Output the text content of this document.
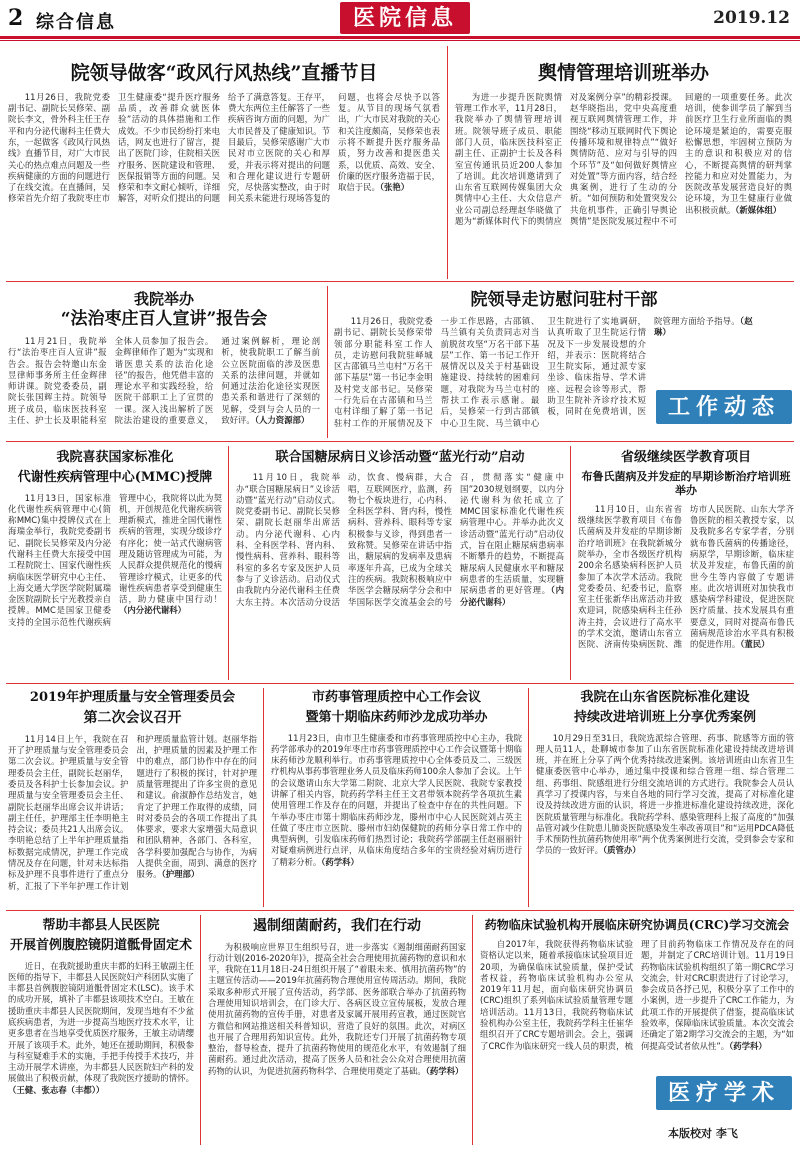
2 综合信息	医院信息	2019.12
院领导做客“政风行风热线”直播节目

11月26日，我院党委副书记、副院长吴修荣、副院长李文，骨外科主任王存平和内分泌代谢科主任费大东，一起做客《政风行风热线》直播节目，对广大市民关心的热点难点问题及一些疾病健康的方面的问题进行了在线交流。在直播间，吴修荣首先介绍了我院枣庄市卫生健康委“提升医疗服务品质，改善群众就医体验”活动的具体措施和工作成效。不少市民纷纷打来电话，网友也进行了留言，提出了医院门诊，住院相关医疗服务、医院建设和管理、医保报销等方面的问题。吴修荣和李文耐心倾听，详细解答，对听众们提出的问题给予了满意答复。王存平，费大东两位主任解答了一些疾病咨询方面的问题，为广大市民普及了健康知识。节目最后，吴修荣感谢广大市民对市立医院的关心和厚爱，并表示将对提出的问题和合理化建议进行专题研究，尽快落实整改，由于时间关系未能进行现场答复的问题，也将会尽快予以答复。从节目的现场气氛看出，广大市民对我院的关心和关注度颇高，吴修荣也表示将不断提升医疗服务品质，努力改善和提医患关系，以优质、高效、安全、价廉的医疗服务造福于民，取信于民。（张艳）

舆情管理培训班举办

为进一步提升医院舆情管理工作水平，11月28日，我院举办了舆情管理培训班。院领导班子成员、职能部门人员，临床医技科室正副主任、正副护士长及各科室宣传通讯员近200人参加了培训。此次培训邀请到了山东省互联网传媒集团大众舆情中心主任、大众信息产业公司副总经理赵华晓做了题为“新媒体时代下的舆情应对及案例分享”的精彩授课。赵华晓指出，党中央高度重视互联网舆情管理工作，并围绕“移动互联网时代下舆论传播环境和规律特点”“做好舆情防范、应对与引导的四个环节”及“如何做好舆情应对处置”等方面内容，结合经典案例，进行了生动的分析。“如何预防和处置突发公共危机事件，正确引导舆论舆情”是医院发展过程中不可回避的一项重要任务。此次培训，使参训学员了解到当前医疗卫生行业所面临的舆论环境是紧迫的，需要克服松懈思想，牢固树立预防为主的意识和积极应对的信心，不断提高舆情的研判掌控能力和应对处置能力，为医院改革发展营造良好的舆论环境，为卫生健康行业做出积极贡献。（新媒体组）

我院举办
“法治枣庄百人宣讲”报告会

11月21日，我院举行“法治枣庄百人宣讲”报告会。报告会特邀山东金昱律师事务所主任金辉律师讲课。院党委委员，副院长张国辉主持。院领导班子成员，临床医技科室主任、护士长及职能科室全体人员参加了报告会。金辉律师作了题为“实现和谐医患关系的法治化途径”的报告，他凭借丰富的理论水平和实践经验，给医院干部职工上了宣贯的一课。深入浅出解析了医院法治建设的重要意义，通过案例解析，理论剖析，使我院职工了解当前公立医院面临的涉及医患关系的法律问题，并就如何通过法治化途径实现医患关系和谐进行了深刻的见解，受到与会人员的一致好评。（人力资源部）

院领导走访慰问驻村干部

11月26日，我院党委副书记、副院长吴修荣带领部分职能科室工作人员，走访慰问我院驻峄城区古邵镇马兰屯村“万名干部下基层”第一书记李金明及村党支部书记。吴修荣一行先后在古邵镇和马兰屯村详细了解了第一书记驻村工作的开展情况及下一步工作思路，古邵镇、马兰镇有关负责同志对当前脱贫攻坚“万名干部下基层”工作、第一书记工作开展情况以及关于村基础设施建设、持续转的困难问题，对我院为马兰屯村的帮扶工作表示感谢。最后，吴修荣一行到古邵镇中心卫生院、马兰镇中心卫生院进行了实地调研，认真听取了卫生院运行情况及下一步发展设想的介绍，并表示：医院将结合卫生院实际，通过派专家坐诊、临床指导、学术讲座、远程会诊等形式，帮助卫生院补齐诊疗技术短板，同时在免费培训，医院管理方面给予指导。（赵琳）

工作动态
我院喜获国家标准化
代谢性疾病管理中心(MMC)授牌

11月13日，国家标准化代谢性疾病管理中心(简称MMC)集中授牌仪式在上海瑞金举行，我院党委副书记、副院长吴修荣及内分泌代谢科主任费大东接受中国工程院院士、国家代谢性疾病临床医学研究中心主任、上海交通大学医学院附属瑞金医院副院长宁光教授亲自授牌。MMC是国家卫健委支持的全国示范性代谢疾病管理中心，我院将以此为契机，开创规范化代谢疾病管理新模式，推进全国代谢性疾病的管理，实现分级诊疗有序化；使一站式代谢病管理及随访管理成为可能，为人民群众提供规范化的慢病管理诊疗模式，让更多的代谢性疾病患者享受到健康生活，助力健康中国行动！（内分泌代谢科）

联合国糖尿病日义诊活动暨“蓝光行动”启动

11月10日，我院举办“联合国糖尿病日”义诊活动暨“蓝光行动”启动仪式。院党委副书记、副院长吴修荣、副院长赵丽华出席活动。内分泌代谢科、心内科、全科医学科、肾内科、慢性病科、营养科、眼科等科室的多名专家及医护人员参与了义诊活动。启动仪式由我院内分泌代谢科主任费大东主持。本次活动分设活动，饮食、慢病群，大合唱，互联网医疗，监测，药物七个板块进行，心内科、全科医学科、肾内科，慢性病科、营养科、眼科等专家积极参与义诊，得到患者一致称赞。吴修荣在讲话中指出，糖尿病的发病率及患病率逐年升高，已成为全球关注的疾病。我院积极响应中华医学会糖尿病学分会和中华国际医学交流基金会的号召，贯彻落实“健康中国”2030规划纲要，以内分泌代谢科为依托成立了MMC国家标准化代谢性疾病管理中心。并举办此次义诊活动暨“蓝光行动”启动仪式，旨在阻止糖尿病患病率不断攀升的趋势，不断提高糖尿病人民健康水平和糖尿病患者的生活质量，实现糖尿病患者的更好管理。（内分泌代谢科）

省级继续医学教育项目
布鲁氏菌病及并发症的早期诊断治疗培训班举办

11月10日，山东省省级继续医学教育项目《布鲁氏菌病及并发症的早期诊断治疗培训班》在我院新城分院举办，全市各级医疗机构200余名感染病科医护人员参加了本次学术活动。我院党委委员、纪委书记，监察室主任张新华出席活动并致欢迎词，院感染病科主任孙涛主持，会议进行了高水平的学术交流，邀请山东省立医院、济南传染病医院、潍坊市人民医院、山东大学齐鲁医院的相关教授专家，以及我院多名专家学者，分别就布鲁氏菌病的传播途径，病原学，早期诊断，临床症状及并发症，布鲁氏菌的前世今生等内容做了专题讲座。此次培训班对加快我市感染病学科建设，促进医院医疗质量、技术发展具有重要意义，同时对提高布鲁氏菌病规范诊治水平具有积极的促进作用。（董民）

2019年护理质量与安全管理委员会
第二次会议召开

11月14日上午，我院在召开了护理质量与安全管理委员会第二次会议。护理质量与安全管理委员会主任，副院长赵丽华，委员及各科护士长参加会议。护理质量与安全管理委员会主任、副院长赵丽华出席会议并讲话；副主任任，护理部主任李明艳主持会议；委员共21人出席会议。李明艳总结了上半年护理质量指标数据完成情况，护理工作完成情况及存在问题，针对未达标指标及护理不良事件进行了重点分析，汇报了下半年护理工作计划和护理质量监管计划。赵丽华指出，护理质量的因素及护理工作中的难点，部门协作中存在的问题进行了积极的探讨，针对护理质量管理提出了许多宝贵的意见和建议。俞淑静作总结发言，她肯定了护理工作取得的成绩，同时对委员会的各项工作提出了具体要求，要求大家增强大局意识和团队精神，各部门、各科室，各学科要加强配合与协作，为病人提供全面，周到、满意的医疗服务。（护理部）

市药事管理质控中心工作会议
暨第十期临床药师沙龙成功举办

11月23日，由市卫生健康委和市药事管理质控中心主办，我院药学部承办的2019年枣庄市药事管理质控中心工作会议暨第十期临床药师沙龙顺利举行。市药事管理质控中心全体委员及二、三级医疗机构从事药事管理业务人员及临床药师100余人参加了会议。上午的会议邀请山东大学第二附院、北京大学人民医院、我院专家教授讲解了相关内容，院药药学科主任王文君带领本院药学各项抗生素使用管理工作及存在的问题，并提出了检查中存在的共性问题。下午举办枣庄市第十期临床药师沙龙，滕州市中心人民医院刘占英主任做了枣庄市立医院、滕州市妇幼保健院的药师分享日常工作中的典型病例，引发临床药师们热烈讨论；我院药学部副主任赵丽丽针对疑难病例进行点评，从临床角度结合多年的宝贵经验对病历进行了精彩分析。（药学科）

我院在山东省医院标准化建设
持续改进培训班上分享优秀案例

10月29日至31日，我院选派综合管理、药事、院感等方面的管理人员11人，赴聊城市参加了山东省医院标准化建设持续改进培训班，并在班上分享了两个优秀持续改进案例。该培训班由山东省卫生健康委医管中心举办，通过集中授课和综合管理一组、综合管理二组、药事组、院感组进行分组交流培训的方式进行。我院参会人员认真学习了授课内容，与来自各地的同行学习交流，提高了对标准化建设及持续改进方面的认识，将进一步推进标准化建设持续改进，深化医院质量管理与标准化。我院药学科、感染管理科上报了高度的“加强品管对减少住院患儿肺炎医院感染发生率改善项目”和“运用PDCA降低手术预防性抗菌药物使用率”两个优秀案例进行交流，受到参会专家和学员的一致好评。（质管办）

帮助丰都县人民医院
开展首例腹腔镜阴道骶骨固定术

近日，在我院援助重庆丰都的妇科王敏副主任医师的指导下，丰都县人民医院妇产科团队实施了丰都县首例腹腔镜阴道骶骨固定术(LSC)。该手术的成功开展，填补了丰都县该项技术空白。王敏在援助重庆丰都县人民医院期间，发现当地有不少盆底疾病患者，为进一步提高当地医疗技术水平，让更多患者在当地享受优质医疗服务，王敏主动请缨开展了该项手术。此外，她还在援助期间，积极参与科室疑难手术的实施，手把手传授手术技巧，并主动开展学术讲座，为丰都县人民医院妇产科的发展做出了积极贡献，体现了我院医疗援助的情怀。（王健、张志春（丰都））

遏制细菌耐药，我们在行动

为积极响应世界卫生组织号召，进一步落实《遏制细菌耐药国家行动计划(2016-2020年)》，提高全社会合理使用抗菌药物的意识和水平，我院在11月18日-24日组织开展了“着眼未来、慎用抗菌药物”的主题宣传活动——2019年抗菌药物合理使用宣传周活动。期间，我院采取多种形式开展了宣传活动，药学部、医务部联合举办了抗菌药物合理使用知识培训会，在门诊大厅、各病区设立宣传展板，发放合理使用抗菌药物的宣传手册，对患者及家属开展用药宣教，通过医院官方微信和网站推送相关科普知识，营造了良好的氛围。此次，对病区也开展了合理用药知识宣传。此外，我院还专门开展了抗菌药物专项整治，督导检查，提升了抗菌药物使用的规范化水平，有效遏制了细菌耐药。通过此次活动，提高了医务人员和社会公众对合理使用抗菌药物的认识，为促进抗菌药物科学、合理使用奠定了基础。（药学科）

药物临床试验机构开展临床研究协调员(CRC)学习交流会

自2017年，我院获得药物临床试验资格认定以来，随着承接临床试验项目近20项，为确保临床试验质量，保护受试者权益，药物临床试验机构办公室从2019年11月起，面向临床研究协调员(CRC)组织了系列临床试验质量管理专题培训活动。11月13日，我院药物临床试验机构办公室主任，我院药学科主任崔华组织召开了CRC专题培训会。会上，强调了CRC作为临床研究一线人员的职责，梳理了目前药物临床工作情况及存在的问题，并制定了CRC培训计划。11月19日药物临床试验机构组织了第一期CRC学习交流会，针对CRC职责进行了讨论学习，参会成员各抒己见，积极分享了工作中的小案例，进一步提升了CRC工作能力，为此项工作的开展提供了借鉴，提高临床试验效率，保障临床试验质量。本次交流会还确定了第2期学习交流会的主题，为“如何提高受试者依从性”。（药学科）

医疗学术
本版校对 李飞
